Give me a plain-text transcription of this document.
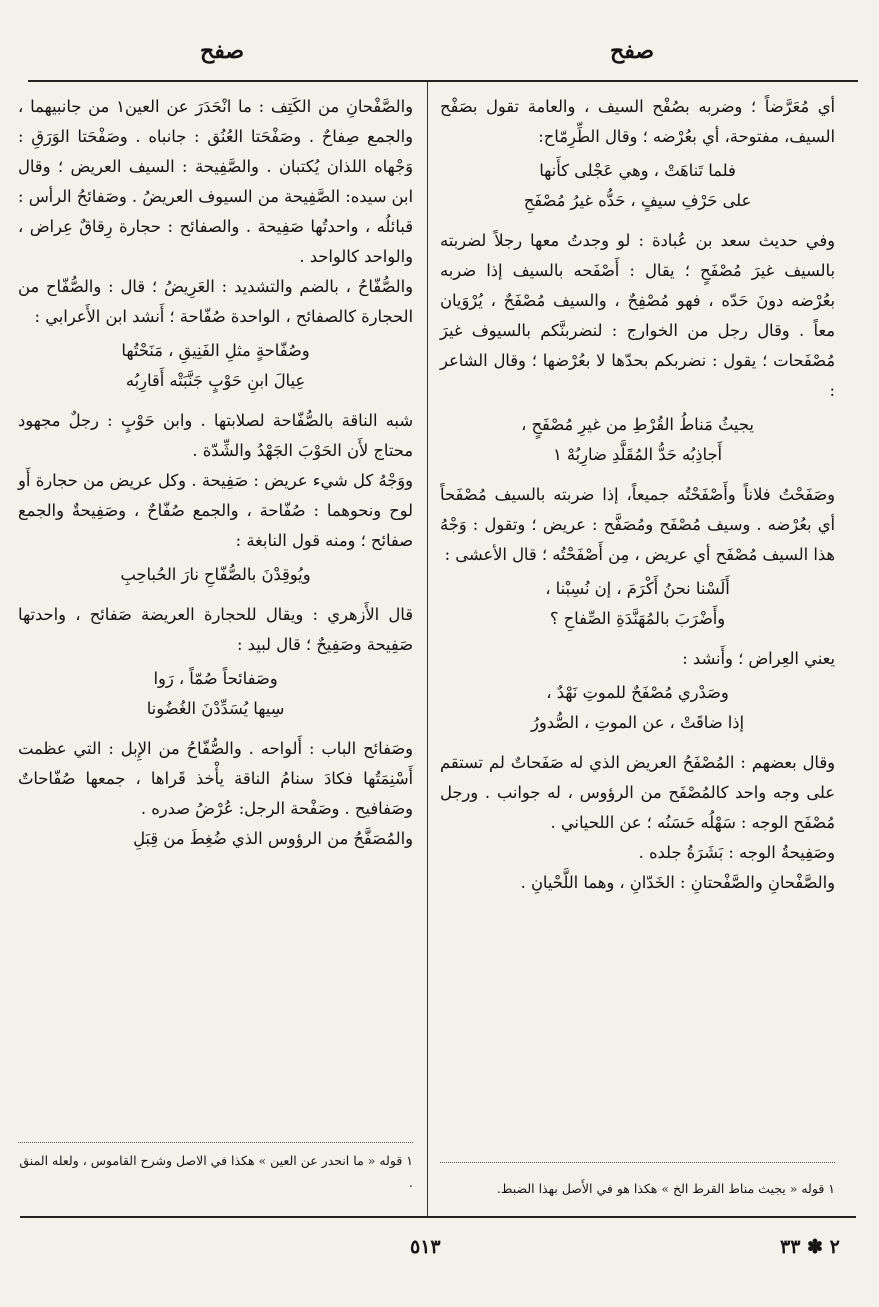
صفح
صفح

أي مُعَرَّضاً ؛ وضربه بصُفْح السيف ، والعامة تقول بصَفْح السيف، مفتوحة، أي بعُرْضه ؛ وقال الطِّرِمّاح:

فلما تَناهَتْ ، وهي عَجْلى كأَنها
على حَرْفِ سيفٍ ، حَدُّه غيرُ مُصْفَحِ

وفي حديث سعد بن عُبادة : لو وجدتُ معها رجلاً لضربته بالسيف غيرَ مُصْفَحٍ ؛ يقال : أَصْفَحه بالسيف إذا ضربه بعُرْضه دونَ حَدّه ، فهو مُصْفِحٌ ، والسيف مُصْفَحٌ ، يُرْوَيان معاً . وقال رجل من الخوارج : لنضربنَّكم بالسيوف غيرَ مُصْفَحات ؛ يقول : نضربكم بحدّها لا بعُرْضها ؛ وقال الشاعر :

يجيثُ مَناطُ القُرْطِ من غيرِ مُصْفَحٍ ،
أَجاذِبُه حَدُّ المُقَلَّدِ ضارِبُهْ ١

وصَفَحْتُ فلاناً وأَصْفَحْتُه جميعاً، إذا ضربته بالسيف مُصْفَحاً أي بعُرْضه . وسيف مُصْفَح ومُصَفَّح : عريض ؛ وتقول : وَجْهُ هذا السيف مُصْفَح أي عريض ، مِن أَصْفَحْتُه ؛ قال الأعشى :

أَلَسْنا نحنُ أَكْرَمَ ، إن نُسِبْنا ،
وأَضْرَبَ بالمُهَنَّدَةِ الصِّفاحِ ؟

يعني العِراض ؛ وأَنشد :

وصَدْري مُصْفَحٌ للموتِ نَهْدٌ ،
إذا ضاقَتْ ، عن الموتِ ، الصُّدورُ

وقال بعضهم : المُصْفَحُ العريض الذي له صَفَحاتٌ لم تستقم على وجه واحد كالمُصْفَح من الرؤوس ، له جوانب . ورجل مُصْفَح الوجه : سَهْلُه حَسَنُه ؛ عن اللحياني .

وصَفِيحةُ الوجه : بَشَرَةُ جلده .

والصَّفْحانِ والصَّفْحتانِ : الخَدّانِ ، وهما اللَّحْيانِ .

والصَّفْحانِ من الكَتِف : ما انْحَدَرَ عن العين١ من جانبيهما ، والجمع صِفاحٌ . وصَفْحَتا العُنُق : جانباه . وصَفْحَتا الوَرَقِ : وَجْهاه اللذان يُكتبان . والصَّفِيحة : السيف العريض ؛ وقال ابن سيده: الصَّفِيحة من السيوف العريضُ . وصَفائحُ الرأس : قبائلُه ، واحدتُها صَفِيحة . والصفائح : حجارة رِقاقٌ عِراض ، والواحد كالواحد .

والصُّفّاحُ ، بالضم والتشديد : العَرِيضُ ؛ قال : والصُّفّاح من الحجارة كالصفائح ، الواحدة صُفّاحة ؛ أَنشد ابن الأَعرابي :

وصُفّاحةٍ مثلِ الفَنِيقِ ، مَنَحْتُها
عِيالَ ابنِ حَوْبٍ جَنَّبَتْه أَقارِبُه

شبه الناقة بالصُّفّاحة لصلابتها . وابن حَوْبٍ : رجلٌ مجهود محتاج لأَن الحَوْبَ الجَهْدُ والشِّدّة .

ووَجْهُ كل شيء عريض : صَفِيحة . وكل عريض من حجارة أَو لوح ونحوهما : صُفّاحة ، والجمع صُفّاحٌ ، وصَفِيحةٌ والجمع صفائح ؛ ومنه قول النابغة :

ويُوقِدْنَ بالصُّفّاحِ نارَ الحُباحِبِ

قال الأَزهري : ويقال للحجارة العريضة صَفائح ، واحدتها صَفِيحة وصَفِيحٌ ؛ قال لبيد :

وصَفائحاً صُمّاً ، رَوا
سِيها يُسَدِّدْنَ الغُضُونا

وصَفائح الباب : أَلواحه . والصُّفّاحُ من الإِبل : التي عظمت أَسْنِمَتُها فكادَ سنامُ الناقة يأْخذ قَراها ، جمعها صُفّاحاتٌ وصَفافيح . وصَفْحة الرجل: عُرْضُ صدره .

والمُصَفَّحُ من الرؤوس الذي ضُغِطَ من قِبَلِ

١ قوله « يجيث مناط القرط الخ » هكذا هو في الأَصل بهذا الضبط.
١ قوله « ما انحدر عن العين » هكذا في الاصل وشرح القاموس ، ولعله المنق .
٥١٣	٢ ✽ ٣٣
